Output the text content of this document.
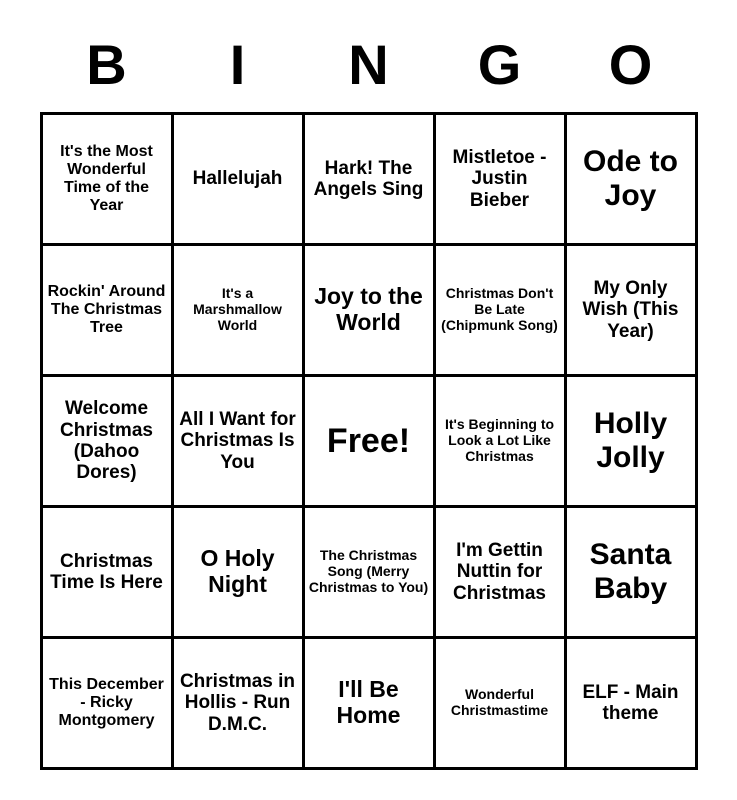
B	I	N	G	O
It's the Most Wonderful Time of the Year	Hallelujah	Hark! The Angels Sing	Mistletoe - Justin Bieber	Ode to Joy

Rockin' Around The Christmas Tree	It's a Marshmallow World	Joy to the World	Christmas Don't Be Late (Chipmunk Song)	My Only Wish (This Year)

Welcome Christmas (Dahoo Dores)	All I Want for Christmas Is You	Free!	It's Beginning to Look a Lot Like Christmas	Holly Jolly

Christmas Time Is Here	O Holy Night	The Christmas Song (Merry Christmas to You)	I'm Gettin Nuttin for Christmas	Santa Baby

This December - Ricky Montgomery	Christmas in Hollis - Run D.M.C.	I'll Be Home	Wonderful Christmastime	ELF - Main theme
